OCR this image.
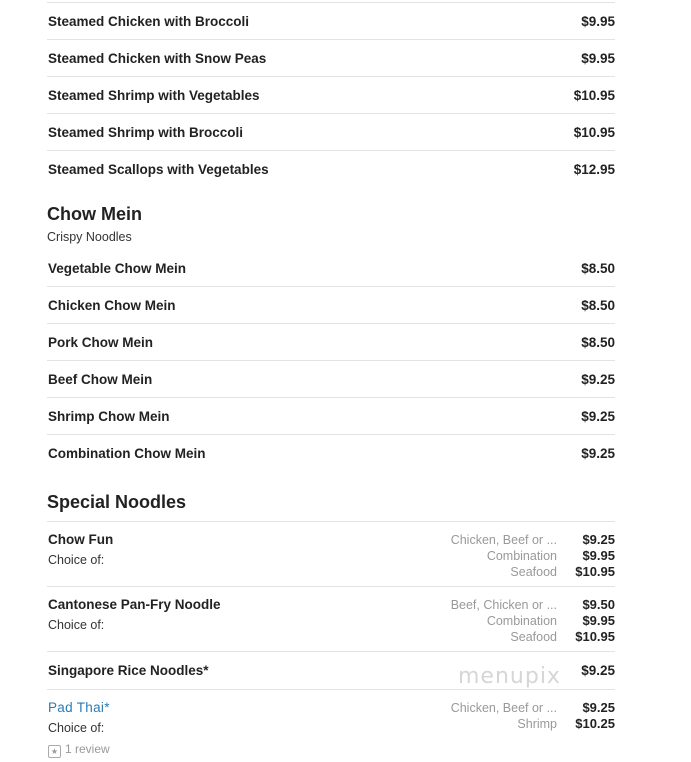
Steamed Chicken with Broccoli	$9.95
Steamed Chicken with Snow Peas	$9.95
Steamed Shrimp with Vegetables	$10.95
Steamed Shrimp with Broccoli	$10.95
Steamed Scallops with Vegetables	$12.95
Chow Mein
Crispy Noodles
Vegetable Chow Mein	$8.50
Chicken Chow Mein	$8.50
Pork Chow Mein	$8.50
Beef Chow Mein	$9.25
Shrimp Chow Mein	$9.25
Combination Chow Mein	$9.25
Special Noodles
Chow Fun
Choice of:
Chicken, Beef or ... $9.25
Combination $9.95
Seafood $10.95
Cantonese Pan-Fry Noodle
Choice of:
Beef, Chicken or ... $9.50
Combination $9.95
Seafood $10.95
Singapore Rice Noodles*	$9.25
Pad Thai*
Choice of:
★ 1 review
Chicken, Beef or ... $9.25
Shrimp $10.25
menupix
